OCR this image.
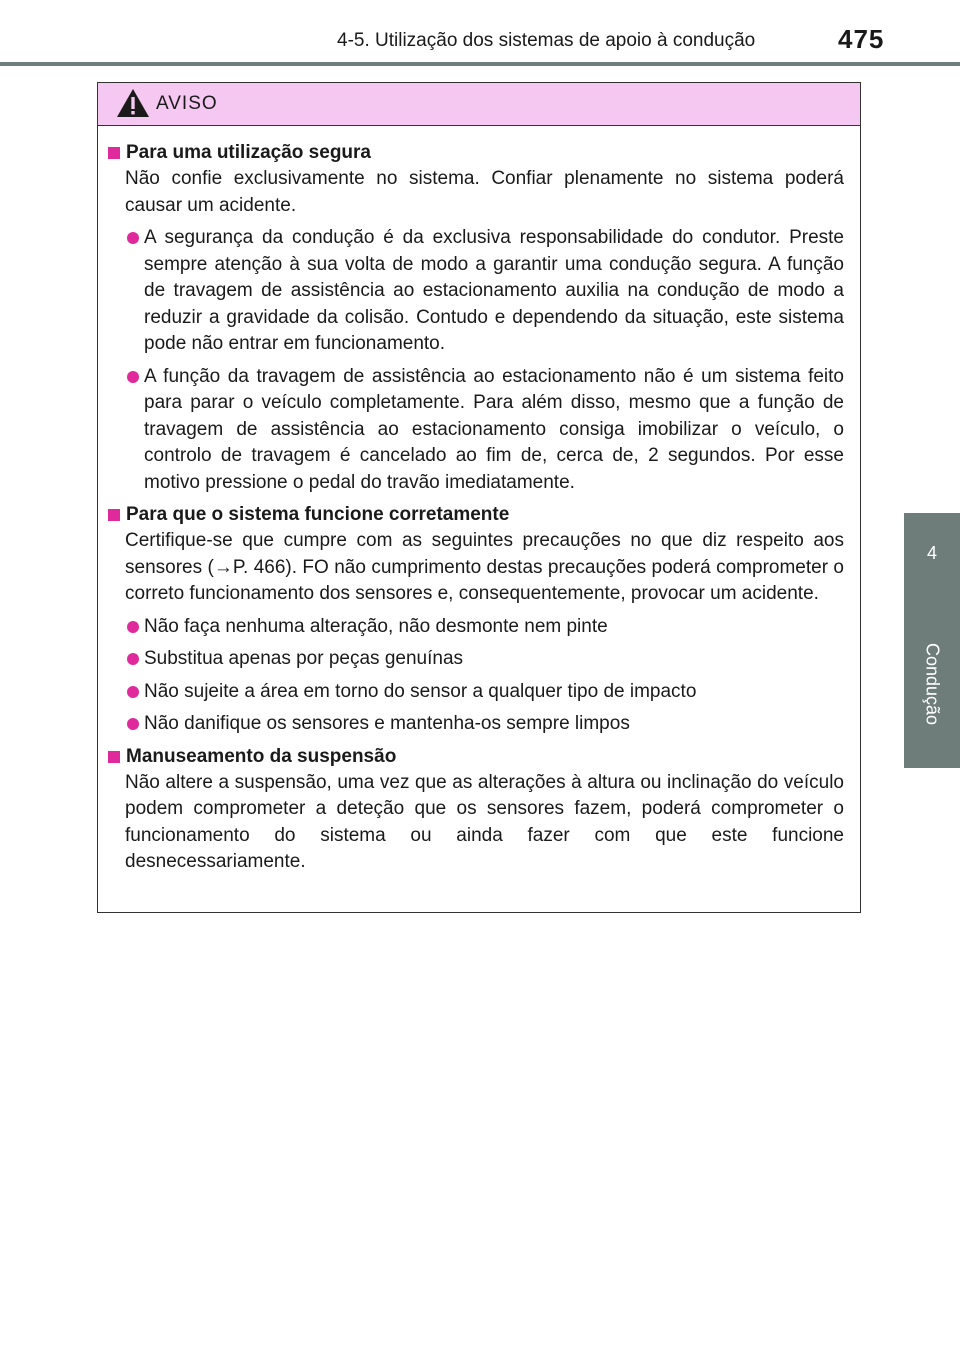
4-5. Utilização dos sistemas de apoio à condução	475
4
Condução
AVISO
Para uma utilização segura
Não confie exclusivamente no sistema. Confiar plenamente no sistema poderá causar um acidente.
A segurança da condução é da exclusiva responsabilidade do condutor. Preste sempre atenção à sua volta de modo a garantir uma condução segura. A função de travagem de assistência ao estacionamento auxilia na condução de modo a reduzir a gravidade da colisão. Contudo e dependendo da situação, este sistema pode não entrar em funcionamento.
A função da travagem de assistência ao estacionamento não é um sistema feito para parar o veículo completamente. Para além disso, mesmo que a função de travagem de assistência ao estacionamento consiga imobilizar o veículo, o controlo de travagem é cancelado ao fim de, cerca de, 2 segundos. Por esse motivo pressione o pedal do travão imediatamente.
Para que o sistema funcione corretamente
Certifique-se que cumpre com as seguintes precauções no que diz respeito aos sensores (→P. 466). FO não cumprimento destas precauções poderá comprometer o correto funcionamento dos sensores e, consequentemente, provocar um acidente.
Não faça nenhuma alteração, não desmonte nem pinte
Substitua apenas por peças genuínas
Não sujeite a área em torno do sensor a qualquer tipo de impacto
Não danifique os sensores e mantenha-os sempre limpos
Manuseamento da suspensão
Não altere a suspensão, uma vez que as alterações à altura ou inclinação do veículo podem comprometer a deteção que os sensores fazem, poderá comprometer o funcionamento do sistema ou ainda fazer com que este funcione desnecessariamente.
